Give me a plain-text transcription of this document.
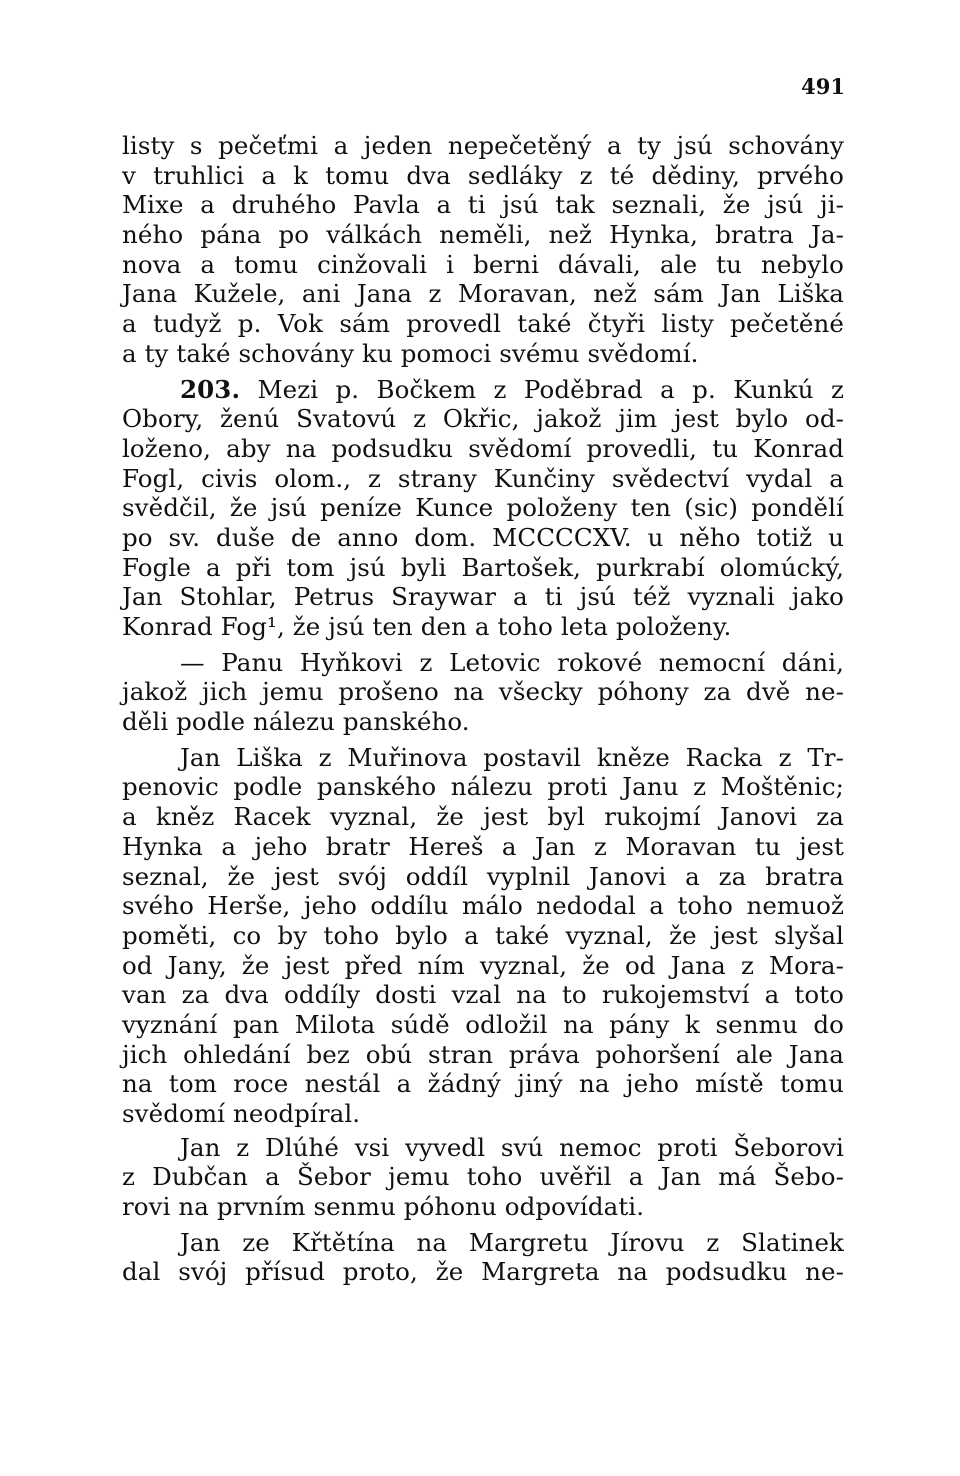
491
listy s pečeťmi a jeden nepečetěný a ty jsú schovány
v truhlici a k tomu dva sedláky z té dědiny, prvého
Mixe a druhého Pavla a ti jsú tak seznali, že jsú ji-
ného pána po válkách neměli, než Hynka, bratra Ja-
nova a tomu cinžovali i berni dávali, ale tu nebylo
Jana Kužele, ani Jana z Moravan, než sám Jan Liška
a tudyž p. Vok sám provedl také čtyři listy pečetěné
a ty také schovány ku pomoci svému svědomí.
203. Mezi p. Bočkem z Poděbrad a p. Kunkú z
Obory, ženú Svatovú z Okřic, jakož jim jest bylo od-
loženo, aby na podsudku svědomí provedli, tu Konrad
Fogl, civis olom., z strany Kunčiny svědectví vydal a
svědčil, že jsú peníze Kunce položeny ten (sic) pondělí
po sv. duše de anno dom. MCCCCXV. u něho totiž u
Fogle a při tom jsú byli Bartošek, purkrabí olomúcký,
Jan Stohlar, Petrus Sraywar a ti jsú též vyznali jako
Konrad Fog¹, že jsú ten den a toho leta položeny.
— Panu Hyňkovi z Letovic rokové nemocní dáni,
jakož jich jemu prošeno na všecky póhony za dvě ne-
děli podle nálezu panského.
Jan Liška z Muřinova postavil kněze Racka z Tr-
penovic podle panského nálezu proti Janu z Moštěnic;
a kněz Racek vyznal, že jest byl rukojmí Janovi za
Hynka a jeho bratr Hereš a Jan z Moravan tu jest
seznal, že jest svój oddíl vyplnil Janovi a za bratra
svého Herše, jeho oddílu málo nedodal a toho nemuož
poměti, co by toho bylo a také vyznal, že jest slyšal
od Jany, že jest před ním vyznal, že od Jana z Mora-
van za dva oddíly dosti vzal na to rukojemství a toto
vyznání pan Milota súdě odložil na pány k senmu do
jich ohledání bez obú stran práva pohoršení ale Jana
na tom roce nestál a žádný jiný na jeho místě tomu
svědomí neodpíral.
Jan z Dlúhé vsi vyvedl svú nemoc proti Šeborovi
z Dubčan a Šebor jemu toho uvěřil a Jan má Šebo-
rovi na prvním senmu póhonu odpovídati.
Jan ze Křtětína na Margretu Jírovu z Slatinek
dal svój přísud proto, že Margreta na podsudku ne-
